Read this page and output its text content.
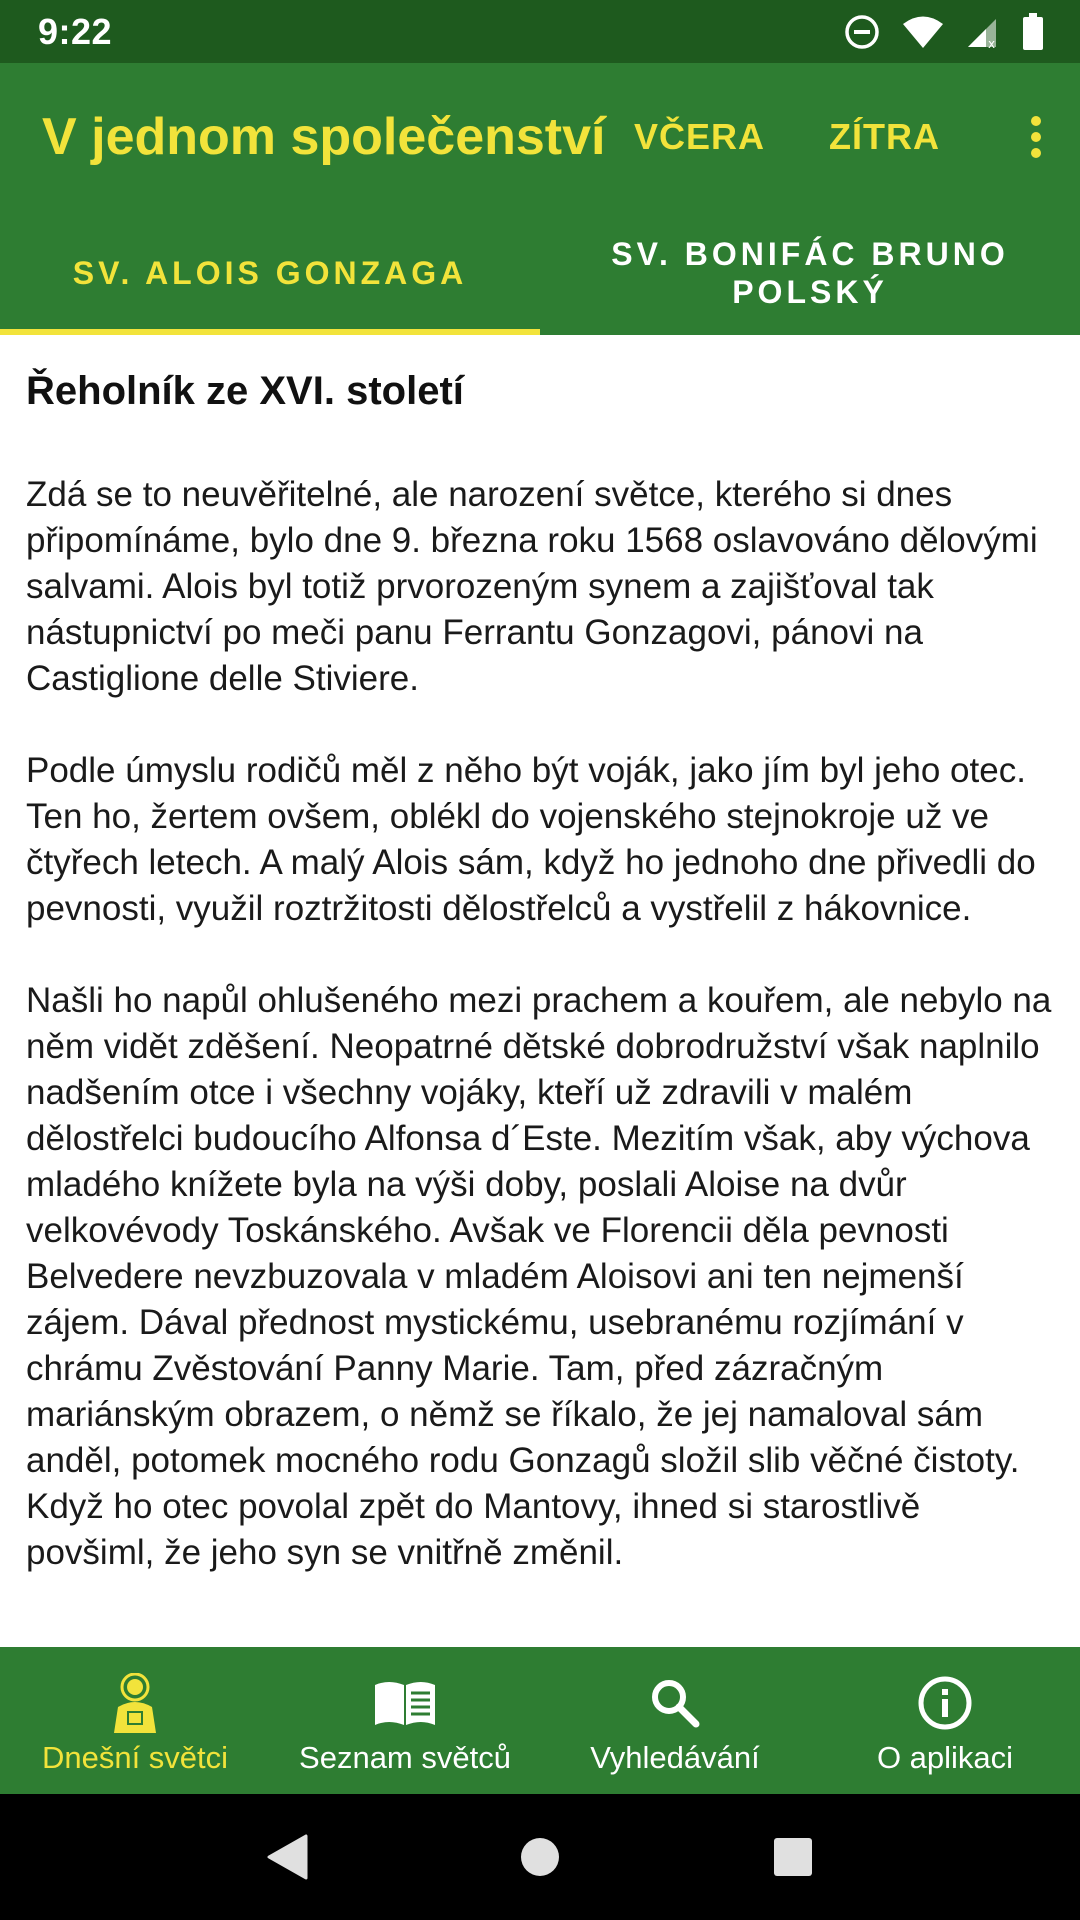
9:22	x
V jednom společenství VČERA ZÍTRA
SV. ALOIS GONZAGA
SV. BONIFÁC BRUNO POLSKÝ
Řeholník ze XVI. století

Zdá se to neuvěřitelné, ale narození světce, kterého si dnes připomínáme, bylo dne 9. března roku 1568 oslavováno dělovými salvami. Alois byl totiž prvorozeným synem a zajišťoval tak nástupnictví po meči panu Ferrantu Gonzagovi, pánovi na Castiglione delle Stiviere.

Podle úmyslu rodičů měl z něho být voják, jako jím byl jeho otec. Ten ho, žertem ovšem, oblékl do vojenského stejnokroje už ve čtyřech letech. A malý Alois sám, když ho jednoho dne přivedli do pevnosti, využil roztržitosti dělostřelců a vystřelil z hákovnice.

Našli ho napůl ohlušeného mezi prachem a kouřem, ale nebylo na něm vidět zděšení. Neopatrné dětské dobrodružství však naplnilo nadšením otce i všechny vojáky, kteří už zdravili v malém dělostřelci budoucího Alfonsa d´Este. Mezitím však, aby výchova mladého knížete byla na výši doby, poslali Aloise na dvůr velkovévody Toskánského. Avšak ve Florencii děla pevnosti Belvedere nevzbuzovala v mladém Aloisovi ani ten nejmenší zájem. Dával přednost mystickému, usebranému rozjímání v chrámu Zvěstování Panny Marie. Tam, před zázračným mariánským obrazem, o němž se říkalo, že jej namaloval sám anděl, potomek mocného rodu Gonzagů složil slib věčné čistoty. Když ho otec povolal zpět do Mantovy, ihned si starostlivě povšiml, že jeho syn se vnitřně změnil.

Dnešní světci Seznam světců	Vyhledávání	O aplikaci
